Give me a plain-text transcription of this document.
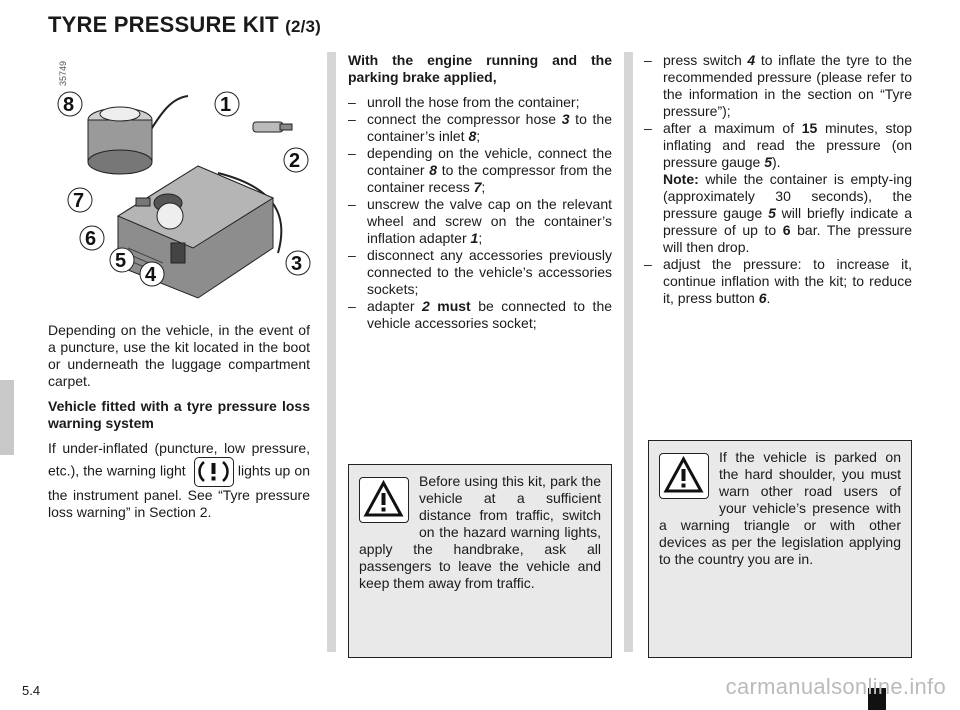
TYRE PRESSURE KIT (2/3)
35749
8	1
2
7
6
5
4	3

Depending on the vehicle, in the event of a puncture, use the kit located in the boot or underneath the luggage compartment carpet.

Vehicle fitted with a tyre pressure loss warning system

If under-inflated (puncture, low pressure, etc.), the warning light	lights up on the instrument panel. See “Tyre pressure loss warning” in Section 2.

With the engine running and the parking brake applied,

– unroll the hose from the container;
– connect the compressor hose 3 to the container’s inlet 8;
– depending on the vehicle, connect the container 8 to the compressor from the container recess 7;
– unscrew the valve cap on the relevant wheel and screw on the container’s inflation adapter 1;
– disconnect any accessories previously connected to the vehicle’s accessories sockets;
– adapter 2 must be connected to the vehicle accessories socket;
Before using this kit, park the vehicle at a sufficient distance from traffic, switch on the hazard warning lights, apply the handbrake, ask all passengers to leave the vehicle and keep them away from traffic.
– press switch 4 to inflate the tyre to the recommended pressure (please refer to the information in the section on “Tyre pressure”);
– after a maximum of 15 minutes, stop inflating and read the pressure (on pressure gauge 5).
Note: while the container is empty-ing (approximately 30 seconds), the pressure gauge 5 will briefly indicate a pressure of up to 6 bar. The pressure will then drop.
– adjust the pressure: to increase it, continue inflation with the kit; to reduce it, press button 6.
If the vehicle is parked on the hard shoulder, you must warn other road users of your vehicle’s presence with a warning triangle or with other devices as per the legislation applying to the country you are in.
5.4	carmanualsonline.info
